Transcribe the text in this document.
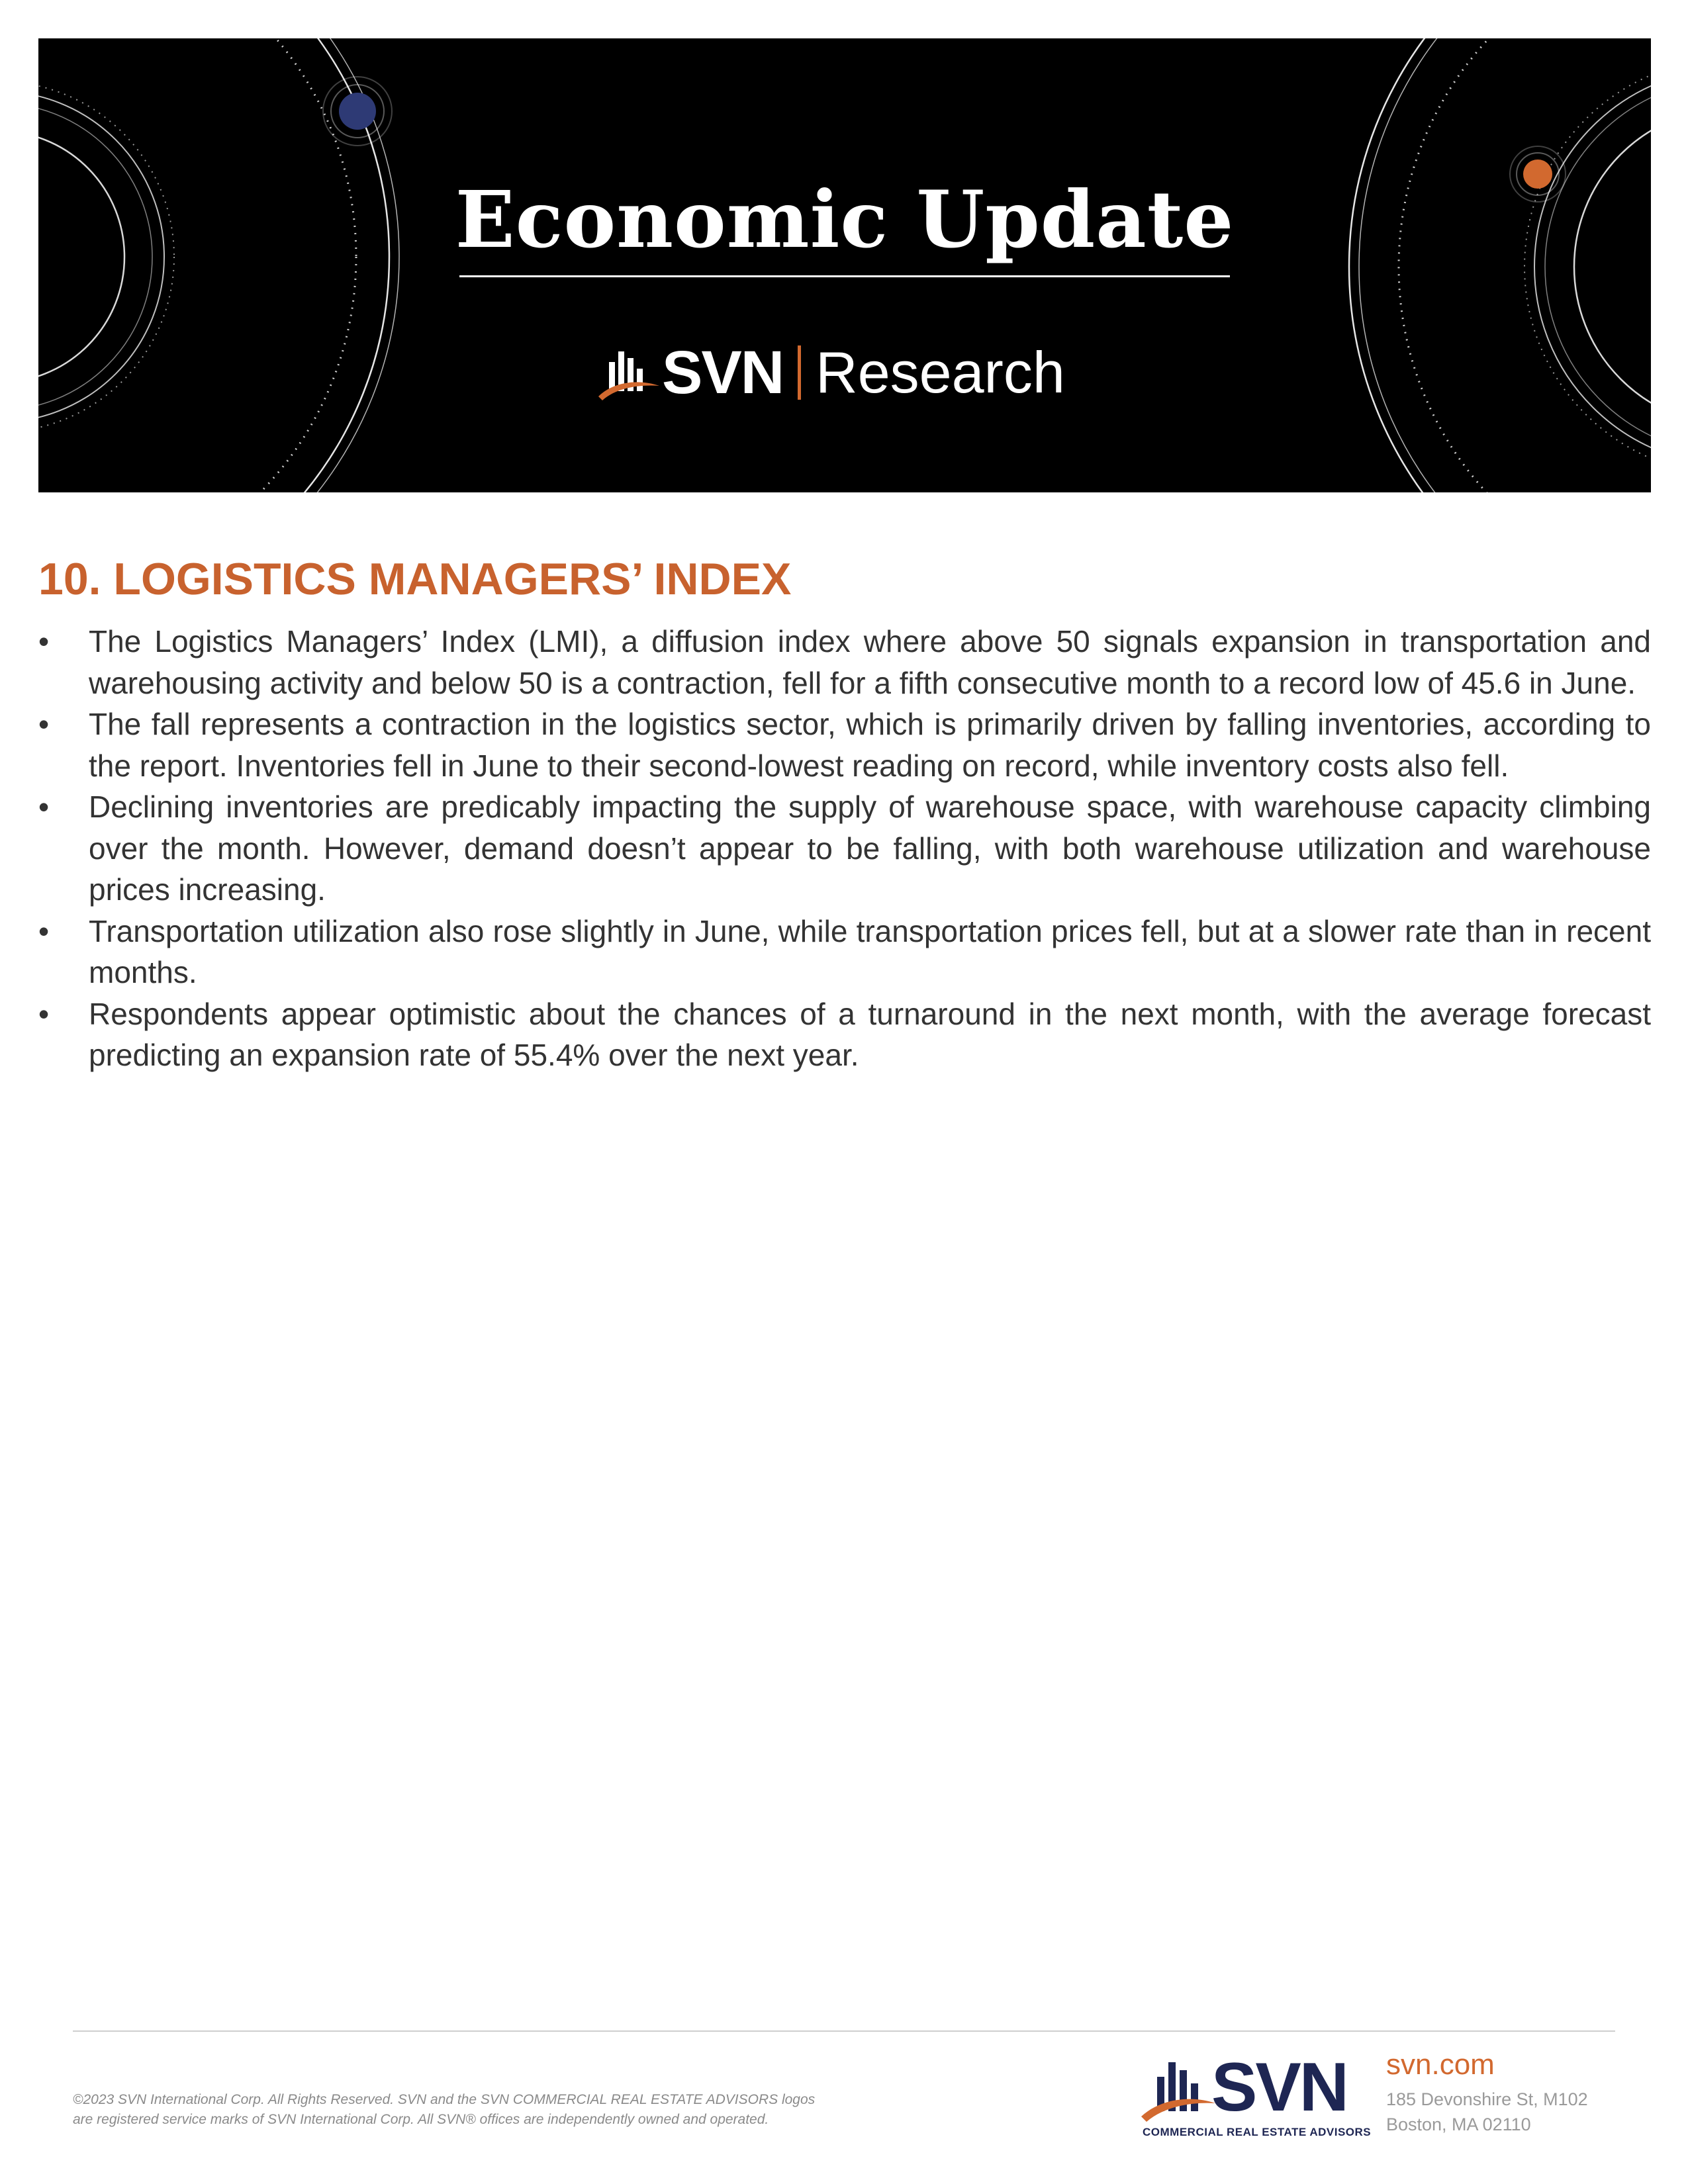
Economic Update
SVN Research
10. LOGISTICS MANAGERS’ INDEX
• The Logistics Managers’ Index (LMI), a diffusion index where above 50 signals expansion in transportation and warehousing activity and below 50 is a contraction, fell for a fifth consecutive month to a record low of 45.6 in June.
• The fall represents a contraction in the logistics sector, which is primarily driven by falling inventories, according to the report. Inventories fell in June to their second-lowest reading on record, while inventory costs also fell.
• Declining inventories are predicably impacting the supply of warehouse space, with warehouse capacity climbing over the month. However, demand doesn’t appear to be falling, with both warehouse utilization and warehouse prices increasing.
• Transportation utilization also rose slightly in June, while transportation prices fell, but at a slower rate than in recent months.
• Respondents appear optimistic about the chances of a turnaround in the next month, with the average forecast predicting an expansion rate of 55.4% over the next year.
©2023 SVN International Corp. All Rights Reserved. SVN and the SVN COMMERCIAL REAL ESTATE ADVISORS logos
are registered service marks of SVN International Corp. All SVN® offices are independently owned and operated.	SVN
COMMERCIAL REAL ESTATE ADVISORS
svn.com
185 Devonshire St, M102
Boston, MA 02110
